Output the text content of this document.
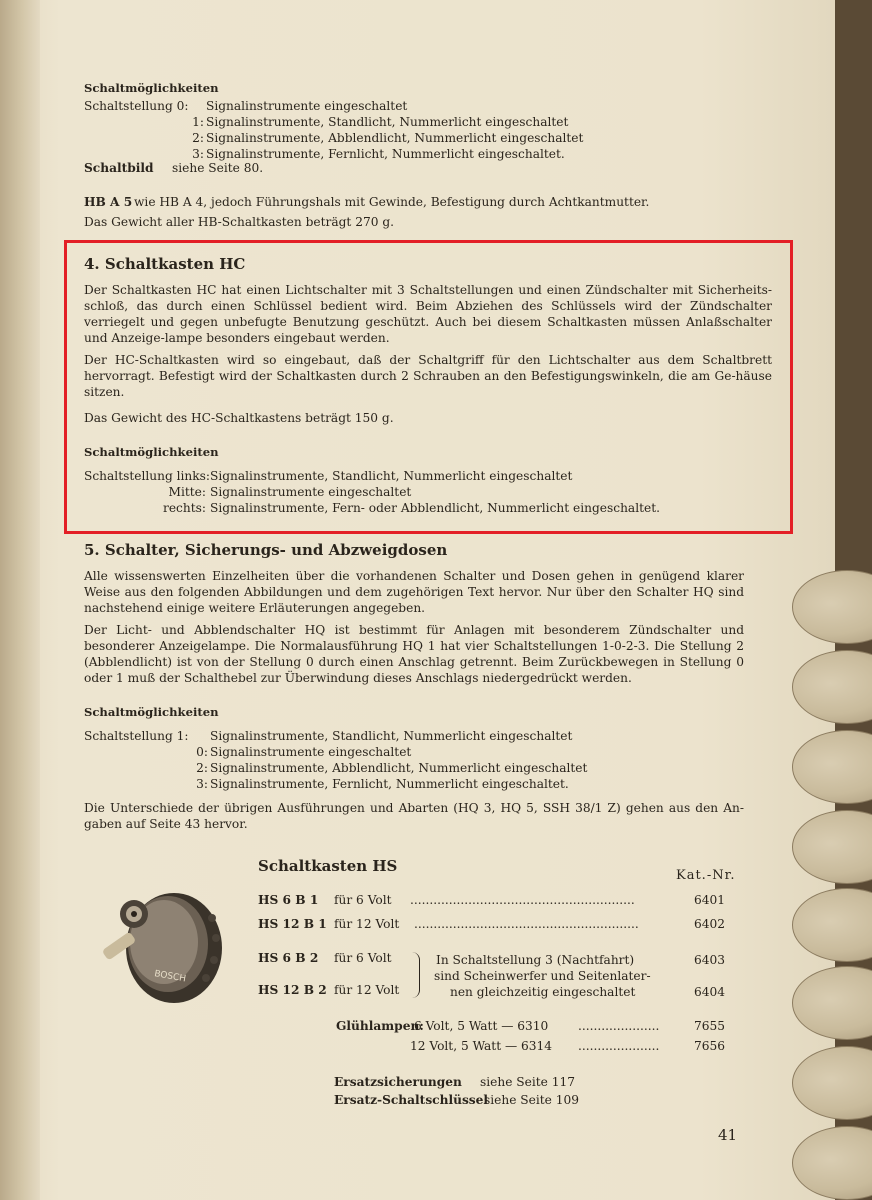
Schaltmöglichkeiten
Schaltstellung 0: Signalinstrumente eingeschaltet
1: Signalinstrumente, Standlicht, Nummerlicht eingeschaltet
2: Signalinstrumente, Abblendlicht, Nummerlicht eingeschaltet
3: Signalinstrumente, Fernlicht, Nummerlicht eingeschaltet.
Schaltbild siehe Seite 80.
HB A 5 wie HB A 4, jedoch Führungshals mit Gewinde, Befestigung durch Achtkantmutter.
Das Gewicht aller HB-Schaltkasten beträgt 270 g.
4. Schaltkasten HC
Der Schaltkasten HC hat einen Lichtschalter mit 3 Schaltstellungen und einen Zündschalter mit Sicherheits-schloß, das durch einen Schlüssel bedient wird. Beim Abziehen des Schlüssels wird der Zündschalter verriegelt und gegen unbefugte Benutzung geschützt. Auch bei diesem Schaltkasten müssen Anlaßschalter und Anzeige-lampe besonders eingebaut werden.
Der HC-Schaltkasten wird so eingebaut, daß der Schaltgriff für den Lichtschalter aus dem Schaltbrett hervorragt. Befestigt wird der Schaltkasten durch 2 Schrauben an den Befestigungswinkeln, die am Ge-häuse sitzen.
Das Gewicht des HC-Schaltkastens beträgt 150 g.
Schaltmöglichkeiten
Schaltstellung links: Signalinstrumente, Standlicht, Nummerlicht eingeschaltet
Mitte: Signalinstrumente eingeschaltet
rechts: Signalinstrumente, Fern- oder Abblendlicht, Nummerlicht eingeschaltet.
5. Schalter, Sicherungs- und Abzweigdosen
Alle wissenswerten Einzelheiten über die vorhandenen Schalter und Dosen gehen in genügend klarer Weise aus den folgenden Abbildungen und dem zugehörigen Text hervor. Nur über den Schalter HQ sind nachstehend einige weitere Erläuterungen angegeben.
Der Licht- und Abblendschalter HQ ist bestimmt für Anlagen mit besonderem Zündschalter und besonderer Anzeigelampe. Die Normalausführung HQ 1 hat vier Schaltstellungen 1-0-2-3. Die Stellung 2 (Abblendlicht) ist von der Stellung 0 durch einen Anschlag getrennt. Beim Zurückbewegen in Stellung 0 oder 1 muß der Schalthebel zur Überwindung dieses Anschlags niedergedrückt werden.
Schaltmöglichkeiten
Schaltstellung 1: Signalinstrumente, Standlicht, Nummerlicht eingeschaltet
0: Signalinstrumente eingeschaltet
2: Signalinstrumente, Abblendlicht, Nummerlicht eingeschaltet
3: Signalinstrumente, Fernlicht, Nummerlicht eingeschaltet.
Die Unterschiede der übrigen Ausführungen und Abarten (HQ 3, HQ 5, SSH 38/1 Z) gehen aus den An-gaben auf Seite 43 hervor.
Schaltkasten HS
Kat.-Nr.
BOSCH
HS 6 B 1 für 6 Volt ..........................................................	6401
HS 12 B 1 für 12 Volt ..........................................................	6402
HS 6 B 2 für 6 Volt	6403
HS 12 B 2 für 12 Volt	6404
In Schaltstellung 3 (Nachtfahrt)
sind Scheinwerfer und Seitenlater-
nen gleichzeitig eingeschaltet
Glühlampen:
6 Volt, 5 Watt — 6310 .....................	7655
12 Volt, 5 Watt — 6314 .....................	7656
Ersatzsicherungen siehe Seite 117
Ersatz-Schaltschlüssel
siehe Seite 109
41
